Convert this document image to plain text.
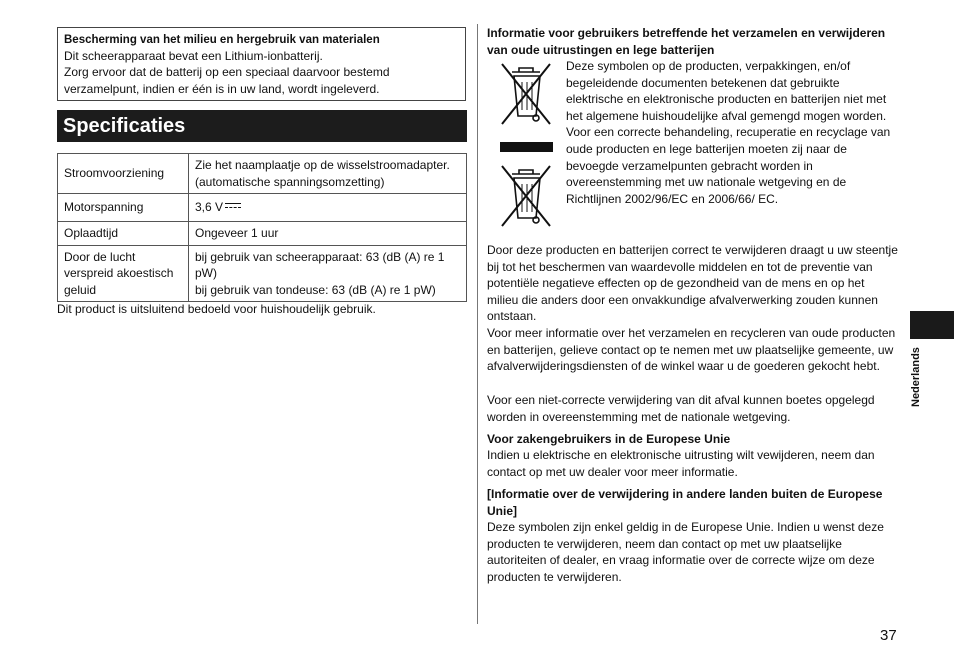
Bescherming van het milieu en hergebruik van materialen
Dit scheerapparaat bevat een Lithium-ionbatterij.
Zorg ervoor dat de batterij op een speciaal daarvoor bestemd
verzamelpunt, indien er één is in uw land, wordt ingeleverd.
Specificaties
Stroomvoorziening	Zie het naamplaatje op de wisselstroomadapter.
(automatische spanningsomzetting)

Motorspanning	3,6 V
Oplaadtijd	Ongeveer 1 uur

Door de lucht verspreid akoestisch geluid	bij gebruik van scheerapparaat: 63 (dB (A) re 1 pW)
bij gebruik van tondeuse: 63 (dB (A) re 1 pW)
Dit product is uitsluitend bedoeld voor huishoudelijk gebruik.
Informatie voor gebruikers betreffende het verzamelen en verwijderen van oude uitrustingen en lege batterijen
Deze symbolen op de producten, verpakkingen, en/of begeleidende documenten betekenen dat gebruikte elektrische en elektronische producten en batterijen niet met het algemene huishoudelijke afval gemengd mogen worden. Voor een correcte behandeling, recuperatie en recyclage van oude producten en lege batterijen moeten zij naar de bevoegde verzamelpunten gebracht worden in overeenstemming met uw nationale wetgeving en de Richtlijnen 2002/96/EC en 2006/66/ EC.
Door deze producten en batterijen correct te verwijderen draagt u uw steentje bij tot het beschermen van waardevolle middelen en tot de preventie van potentiële negatieve effecten op de gezondheid van de mens en op het milieu die anders door een onvakkundige afvalverwerking zouden kunnen ontstaan.
Voor meer informatie over het verzamelen en recycleren van oude producten en batterijen, gelieve contact op te nemen met uw plaatselijke gemeente, uw afvalverwijderingsdiensten of de winkel waar u de goederen gekocht hebt.
Voor een niet-correcte verwijdering van dit afval kunnen boetes opgelegd worden in overeenstemming met de nationale wetgeving.
Voor zakengebruikers in de Europese Unie
Indien u elektrische en elektronische uitrusting wilt vewijderen, neem dan contact op met uw dealer voor meer informatie.
[Informatie over de verwijdering in andere landen buiten de Europese Unie]
Deze symbolen zijn enkel geldig in de Europese Unie. Indien u wenst deze producten te verwijderen, neem dan contact op met uw plaatselijke autoriteiten of dealer, en vraag informatie over de correcte wijze om deze producten te verwijderen.
Nederlands
37
